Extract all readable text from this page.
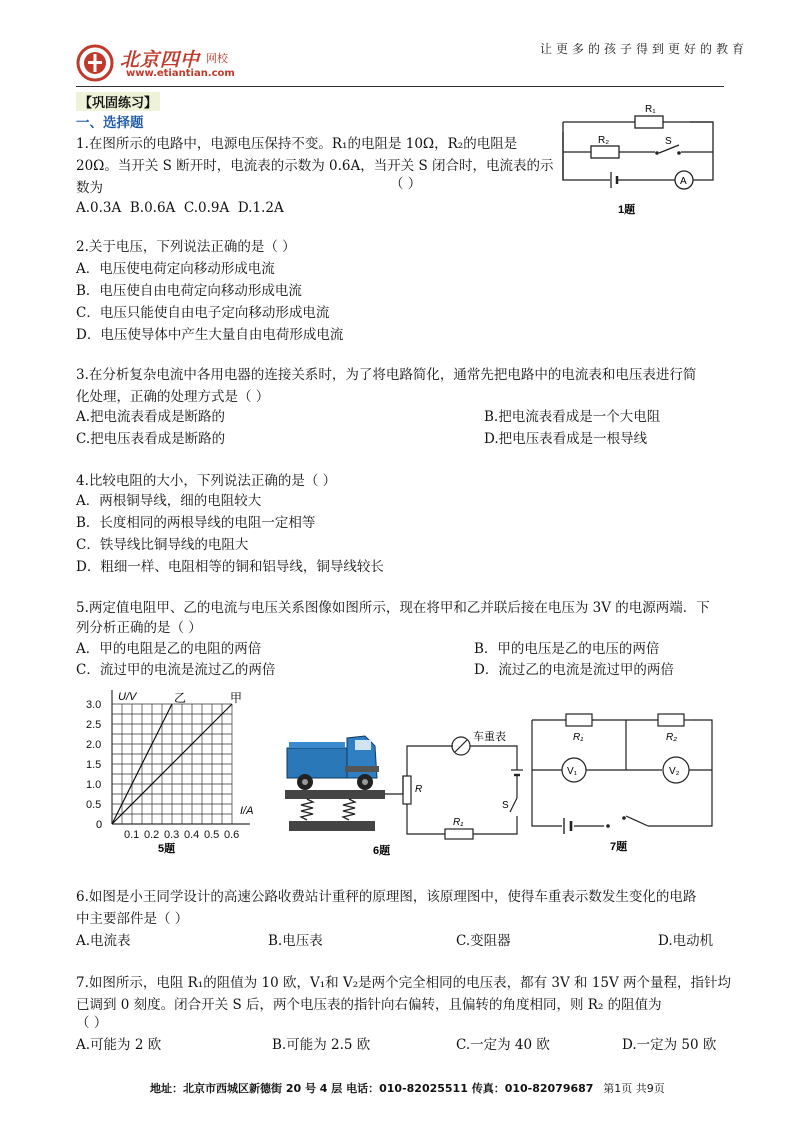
北京四中 网校
www.etiantian.com
让更多的孩子得到更好的教育
【巩固练习】
一、选择题
1.在图所示的电路中，电源电压保持不变。R₁的电阻是 10Ω，R₂的电阻是
20Ω。当开关 S 断开时，电流表的示数为 0.6A，当开关 S 闭合时，电流表的示
数为	（ ）
A.0.3A B.0.6A C.0.9A D.1.2A
R₁
R₂	S
A
1题
2.关于电压，下列说法正确的是（ ）
A．电压使电荷定向移动形成电流
B．电压使自由电荷定向移动形成电流
C．电压只能使自由电子定向移动形成电流
D．电压使导体中产生大量自由电荷形成电流
3.在分析复杂电流中各用电器的连接关系时，为了将电路简化，通常先把电路中的电流表和电压表进行简
化处理，正确的处理方式是（ ）
A.把电流表看成是断路的	B.把电流表看成是一个大电阻
C.把电压表看成是断路的	D.把电压表看成是一根导线
4.比较电阻的大小，下列说法正确的是（ ）
A．两根铜导线，细的电阻较大
B．长度相同的两根导线的电阻一定相等
C．铁导线比铜导线的电阻大
D．粗细一样、电阻相等的铜和铝导线，铜导线较长
5.两定值电阻甲、乙的电流与电压关系图像如图所示，现在将甲和乙并联后接在电压为 3V 的电源两端．下
列分析正确的是（ ）
A．甲的电阻是乙的电阻的两倍	B．甲的电压是乙的电压的两倍
C．流过甲的电流是流过乙的两倍	D．流过乙的电流是流过甲的两倍
0.1 0.2 0.3 0.4 0.5 0.6
0.5
1.0
1.5
2.0
2.5
3.0
U/V
I/A
乙	甲
0
5题
R
车重表
R₁
S
6题
R₁	R₂
V₁	V₂
7题
6.如图是小王同学设计的高速公路收费站计重秤的原理图，该原理图中，使得车重表示数发生变化的电路
中主要部件是（ ）
A.电流表	B.电压表	C.变阻器	D.电动机
7.如图所示，电阻 R₁的阻值为 10 欧，V₁和 V₂是两个完全相同的电压表，都有 3V 和 15V 两个量程，指针均
已调到 0 刻度。闭合开关 S 后，两个电压表的指针向右偏转，且偏转的角度相同，则 R₂ 的阻值为
（ ）
A.可能为 2 欧	B.可能为 2.5 欧	C.一定为 40 欧	D.一定为 50 欧
地址：北京市西城区新德街 20 号 4 层 电话：010-82025511 传真：010-82079687 第1页 共9页
